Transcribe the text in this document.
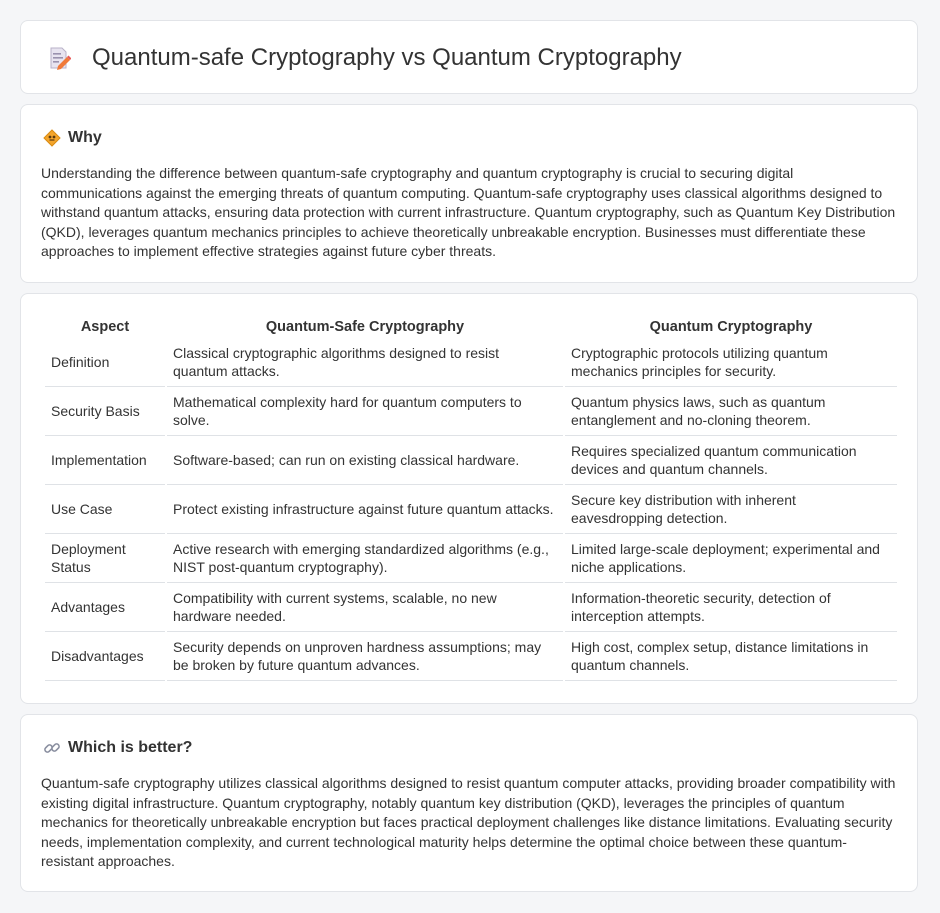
Quantum-safe Cryptography vs Quantum Cryptography
Why

Understanding the difference between quantum-safe cryptography and quantum cryptography is crucial to securing digital communications against the emerging threats of quantum computing. Quantum-safe cryptography uses classical algorithms designed to withstand quantum attacks, ensuring data protection with current infrastructure. Quantum cryptography, such as Quantum Key Distribution (QKD), leverages quantum mechanics principles to achieve theoretically unbreakable encryption. Businesses must differentiate these approaches to implement effective strategies against future cyber threats.

Aspect	Quantum-Safe Cryptography	Quantum Cryptography
Definition	Classical cryptographic algorithms designed to resist quantum attacks.	Cryptographic protocols utilizing quantum mechanics principles for security.
Security Basis	Mathematical complexity hard for quantum computers to solve.	Quantum physics laws, such as quantum entanglement and no-cloning theorem.
Implementation	Software-based; can run on existing classical hardware.	Requires specialized quantum communication devices and quantum channels.
Use Case	Protect existing infrastructure against future quantum attacks.	Secure key distribution with inherent eavesdropping detection.
Deployment Status	Active research with emerging standardized algorithms (e.g., NIST post-quantum cryptography).	Limited large-scale deployment; experimental and niche applications.
Advantages	Compatibility with current systems, scalable, no new hardware needed.	Information-theoretic security, detection of interception attempts.
Disadvantages	Security depends on unproven hardness assumptions; may be broken by future quantum advances.	High cost, complex setup, distance limitations in quantum channels.
Which is better?

Quantum-safe cryptography utilizes classical algorithms designed to resist quantum computer attacks, providing broader compatibility with existing digital infrastructure. Quantum cryptography, notably quantum key distribution (QKD), leverages the principles of quantum mechanics for theoretically unbreakable encryption but faces practical deployment challenges like distance limitations. Evaluating security needs, implementation complexity, and current technological maturity helps determine the optimal choice between these quantum-resistant approaches.
